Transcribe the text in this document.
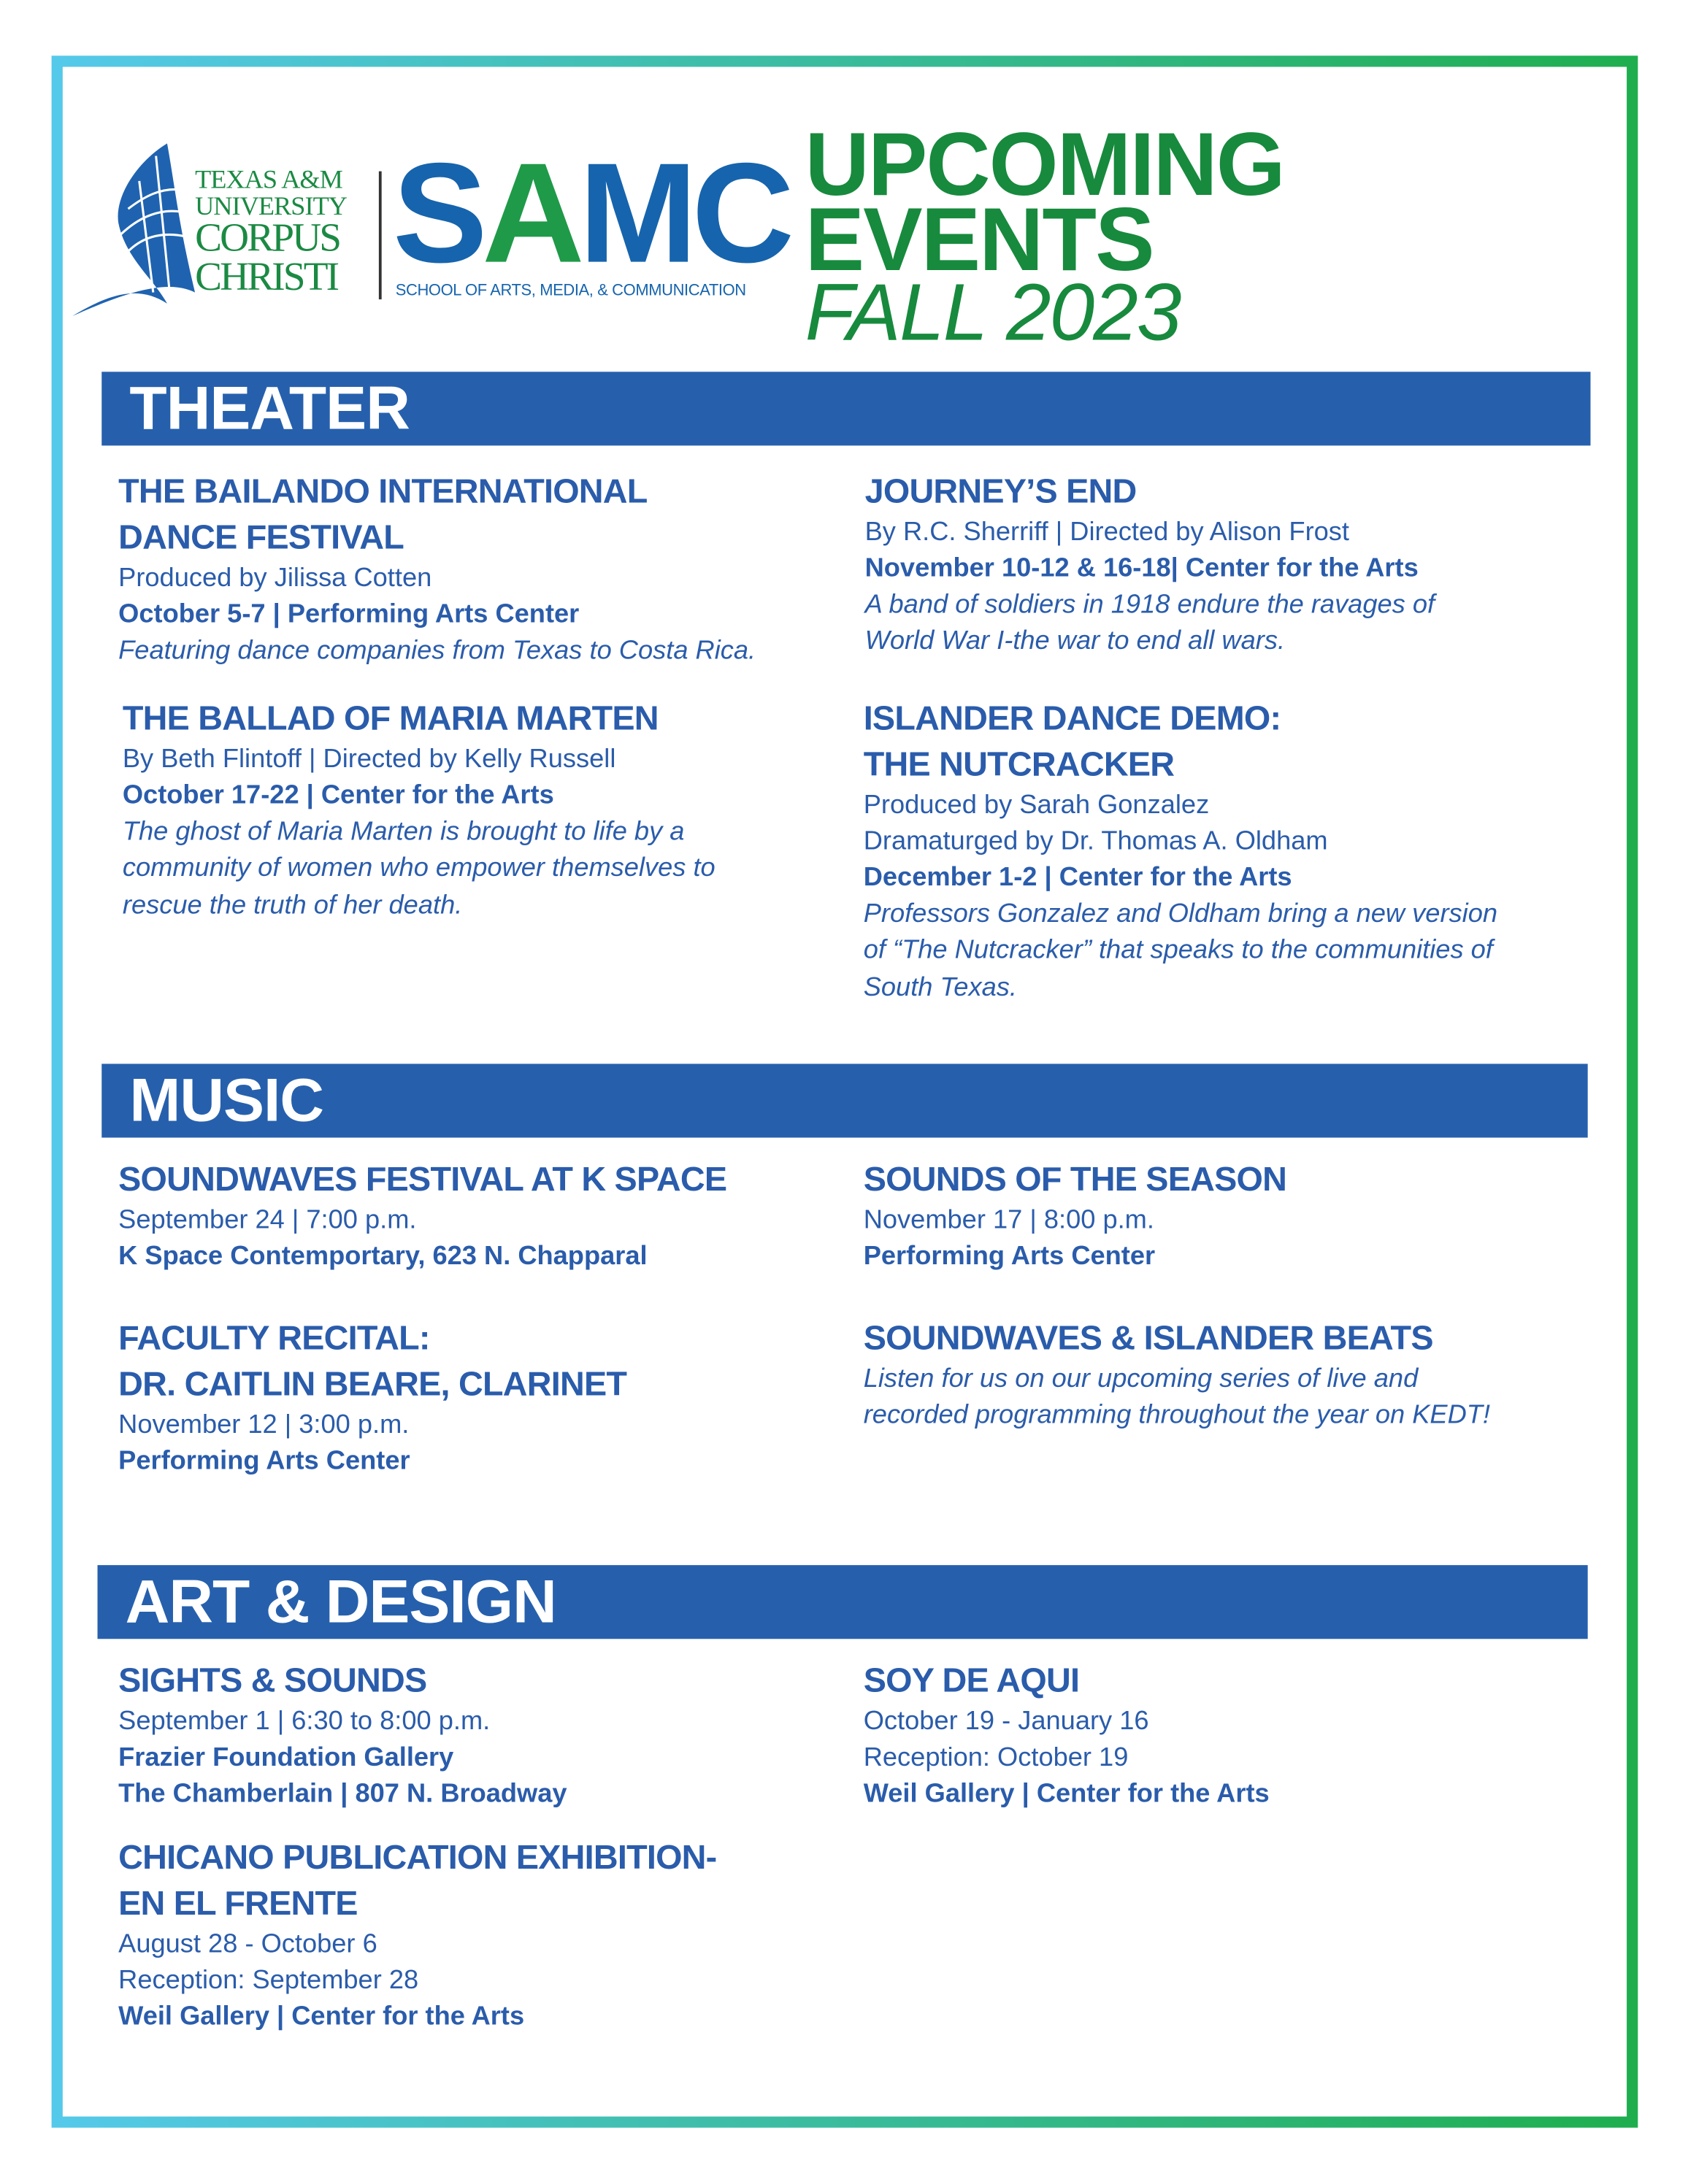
TEXAS A&M
UNIVERSITY
CORPUS
CHRISTI SAMC
SCHOOL OF ARTS, MEDIA, & COMMUNICATION
UPCOMING
EVENTS
FALL 2023
THEATER
MUSIC
ART & DESIGN
THE BAILANDO INTERNATIONAL
DANCE FESTIVAL
Produced by Jilissa Cotten
October 5-7 | Performing Arts Center
Featuring dance companies from Texas to Costa Rica.
THE BALLAD OF MARIA MARTEN
By Beth Flintoff | Directed by Kelly Russell
October 17-22 | Center for the Arts
The ghost of Maria Marten is brought to life by a
community of women who empower themselves to
rescue the truth of her death.
JOURNEY’S END
By R.C. Sherriff | Directed by Alison Frost
November 10-12 & 16-18| Center for the Arts
A band of soldiers in 1918 endure the ravages of
World War I-the war to end all wars.
ISLANDER DANCE DEMO:
THE NUTCRACKER
Produced by Sarah Gonzalez
Dramaturged by Dr. Thomas A. Oldham
December 1-2 | Center for the Arts
Professors Gonzalez and Oldham bring a new version
of “The Nutcracker” that speaks to the communities of
South Texas.
SOUNDWAVES FESTIVAL AT K SPACE
September 24 | 7:00 p.m.
K Space Contemportary, 623 N. Chapparal
FACULTY RECITAL:
DR. CAITLIN BEARE, CLARINET
November 12 | 3:00 p.m.
Performing Arts Center
SOUNDS OF THE SEASON
November 17 | 8:00 p.m.
Performing Arts Center
SOUNDWAVES & ISLANDER BEATS
Listen for us on our upcoming series of live and
recorded programming throughout the year on KEDT!
SIGHTS & SOUNDS
September 1 | 6:30 to 8:00 p.m.
Frazier Foundation Gallery
The Chamberlain | 807 N. Broadway
CHICANO PUBLICATION EXHIBITION-
EN EL FRENTE
August 28 - October 6
Reception: September 28
Weil Gallery | Center for the Arts
SOY DE AQUI
October 19 - January 16
Reception: October 19
Weil Gallery | Center for the Arts
